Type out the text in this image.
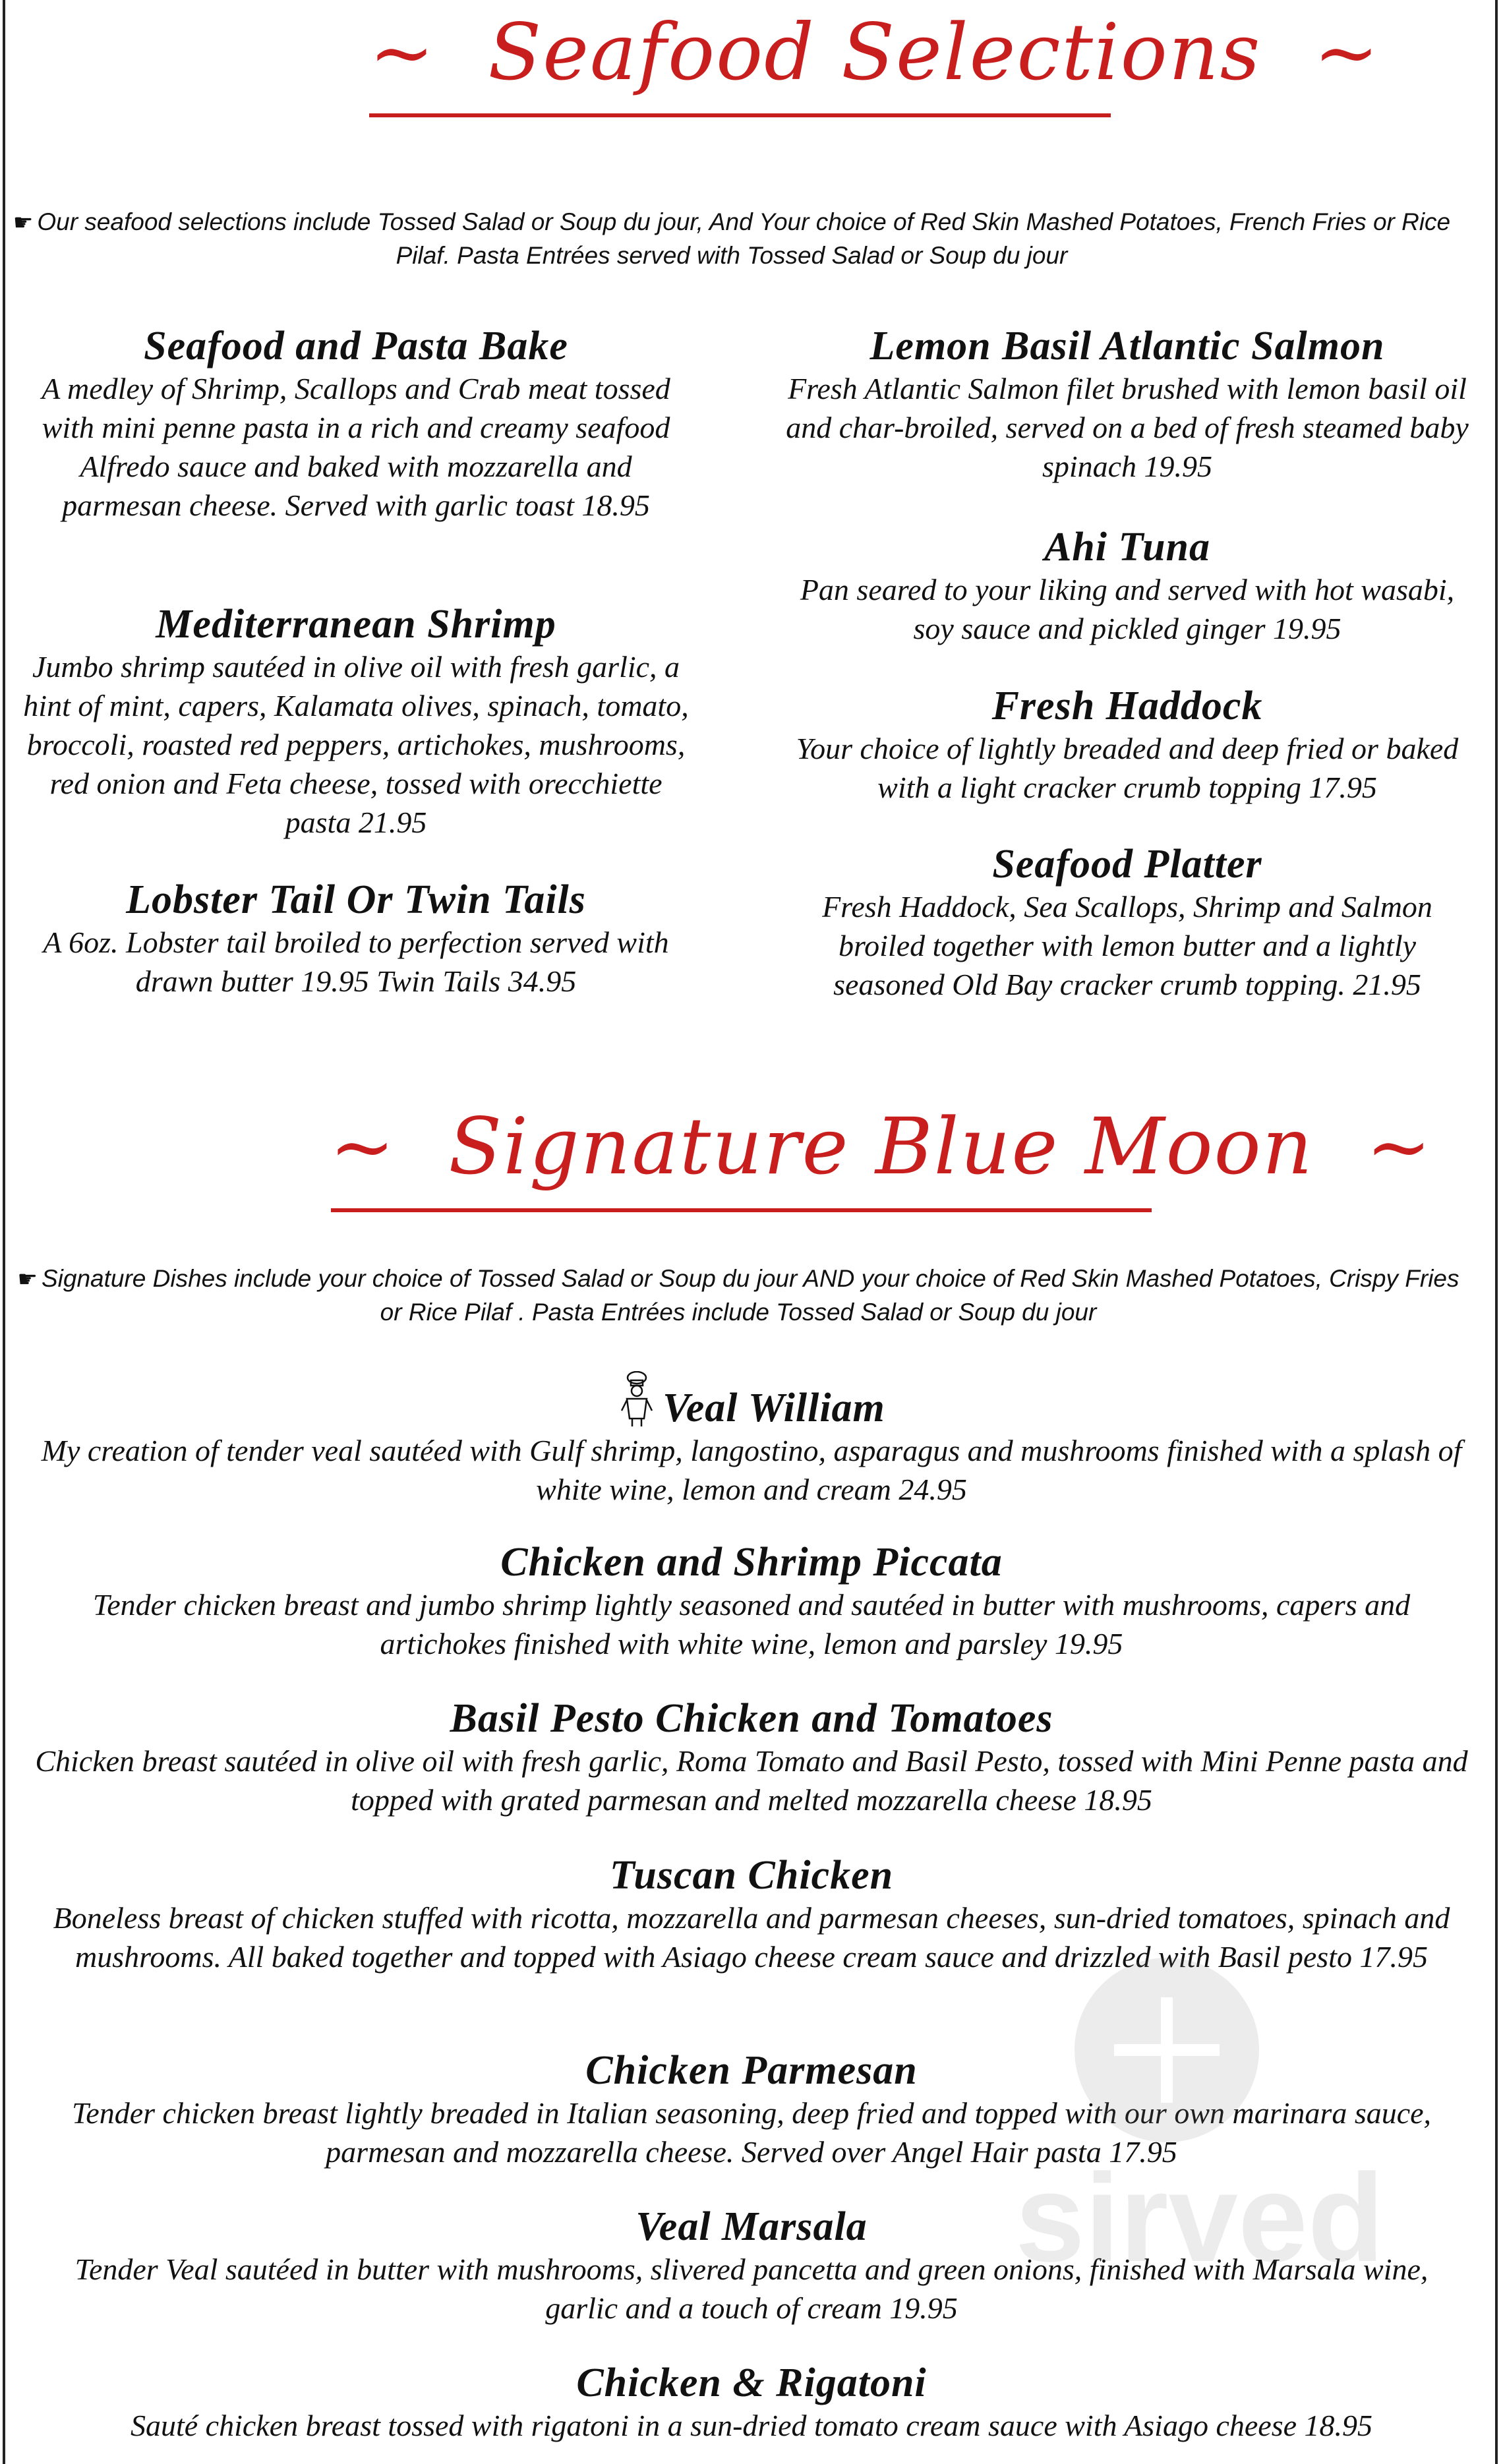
~ Seafood Selections ~
☛ Our seafood selections include Tossed Salad or Soup du jour, And Your choice of Red Skin Mashed Potatoes, French Fries or Rice Pilaf. Pasta Entrées served with Tossed Salad or Soup du jour
Seafood and Pasta Bake
A medley of Shrimp, Scallops and Crab meat tossed with mini penne pasta in a rich and creamy seafood Alfredo sauce and baked with mozzarella and parmesan cheese. Served with garlic toast 18.95
Mediterranean Shrimp
Jumbo shrimp sautéed in olive oil with fresh garlic, a hint of mint, capers, Kalamata olives, spinach, tomato, broccoli, roasted red peppers, artichokes, mushrooms, red onion and Feta cheese, tossed with orecchiette pasta 21.95
Lobster Tail Or Twin Tails
A 6oz. Lobster tail broiled to perfection served with drawn butter 19.95 Twin Tails 34.95
Lemon Basil Atlantic Salmon
Fresh Atlantic Salmon filet brushed with lemon basil oil and char-broiled, served on a bed of fresh steamed baby spinach 19.95
Ahi Tuna
Pan seared to your liking and served with hot wasabi, soy sauce and pickled ginger 19.95
Fresh Haddock
Your choice of lightly breaded and deep fried or baked with a light cracker crumb topping 17.95
Seafood Platter
Fresh Haddock, Sea Scallops, Shrimp and Salmon broiled together with lemon butter and a lightly seasoned Old Bay cracker crumb topping. 21.95
~ Signature Blue Moon ~
☛ Signature Dishes include your choice of Tossed Salad or Soup du jour AND your choice of Red Skin Mashed Potatoes, Crispy Fries or Rice Pilaf . Pasta Entrées include Tossed Salad or Soup du jour
Veal William
My creation of tender veal sautéed with Gulf shrimp, langostino, asparagus and mushrooms finished with a splash of white wine, lemon and cream 24.95
Chicken and Shrimp Piccata
Tender chicken breast and jumbo shrimp lightly seasoned and sautéed in butter with mushrooms, capers and artichokes finished with white wine, lemon and parsley 19.95
Basil Pesto Chicken and Tomatoes
Chicken breast sautéed in olive oil with fresh garlic, Roma Tomato and Basil Pesto, tossed with Mini Penne pasta and topped with grated parmesan and melted mozzarella cheese 18.95
Tuscan Chicken
Boneless breast of chicken stuffed with ricotta, mozzarella and parmesan cheeses, sun-dried tomatoes, spinach and mushrooms. All baked together and topped with Asiago cheese cream sauce and drizzled with Basil pesto 17.95
Chicken Parmesan
Tender chicken breast lightly breaded in Italian seasoning, deep fried and topped with our own marinara sauce, parmesan and mozzarella cheese. Served over Angel Hair pasta 17.95
Veal Marsala
Tender Veal sautéed in butter with mushrooms, slivered pancetta and green onions, finished with Marsala wine, garlic and a touch of cream 19.95
Chicken & Rigatoni
Sauté chicken breast tossed with rigatoni in a sun-dried tomato cream sauce with Asiago cheese 18.95
sirved
